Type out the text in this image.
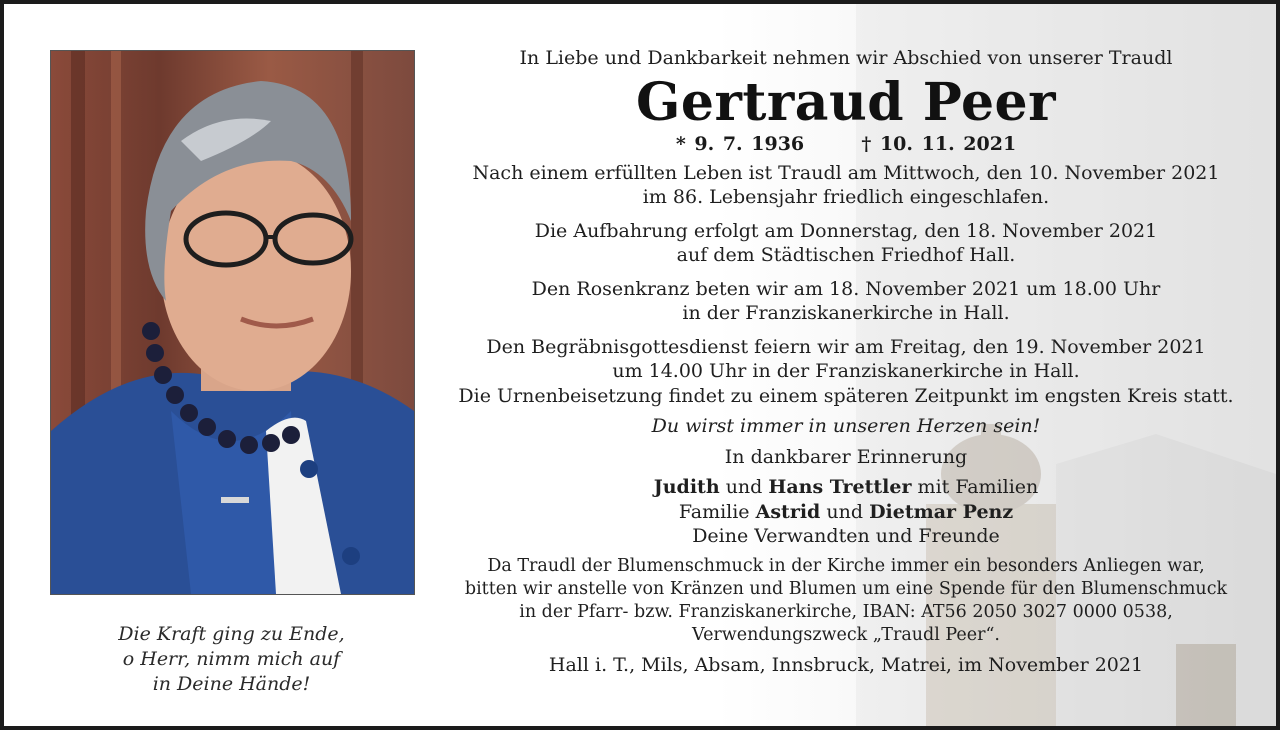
Die Kraft ging zu Ende,
o Herr, nimm mich auf
in Deine Hände!
In Liebe und Dankbarkeit nehmen wir Abschied von unserer Traudl
Gertraud Peer
* 9. 7. 1936	† 10. 11. 2021
Nach einem erfüllten Leben ist Traudl am Mittwoch, den 10. November 2021
im 86. Lebensjahr friedlich eingeschlafen.
Die Aufbahrung erfolgt am Donnerstag, den 18. November 2021
auf dem Städtischen Friedhof Hall.
Den Rosenkranz beten wir am 18. November 2021 um 18.00 Uhr
in der Franziskanerkirche in Hall.
Den Begräbnisgottesdienst feiern wir am Freitag, den 19. November 2021
um 14.00 Uhr in der Franziskanerkirche in Hall.
Die Urnenbeisetzung findet zu einem späteren Zeitpunkt im engsten Kreis statt.
Du wirst immer in unseren Herzen sein!
In dankbarer Erinnerung
Judith und Hans Trettler mit Familien
Familie Astrid und Dietmar Penz
Deine Verwandten und Freunde
Da Traudl der Blumenschmuck in der Kirche immer ein besonders Anliegen war,
bitten wir anstelle von Kränzen und Blumen um eine Spende für den Blumenschmuck
in der Pfarr- bzw. Franziskanerkirche, IBAN: AT56 2050 3027 0000 0538,
Verwendungszweck „Traudl Peer“.
Hall i. T., Mils, Absam, Innsbruck, Matrei, im November 2021
